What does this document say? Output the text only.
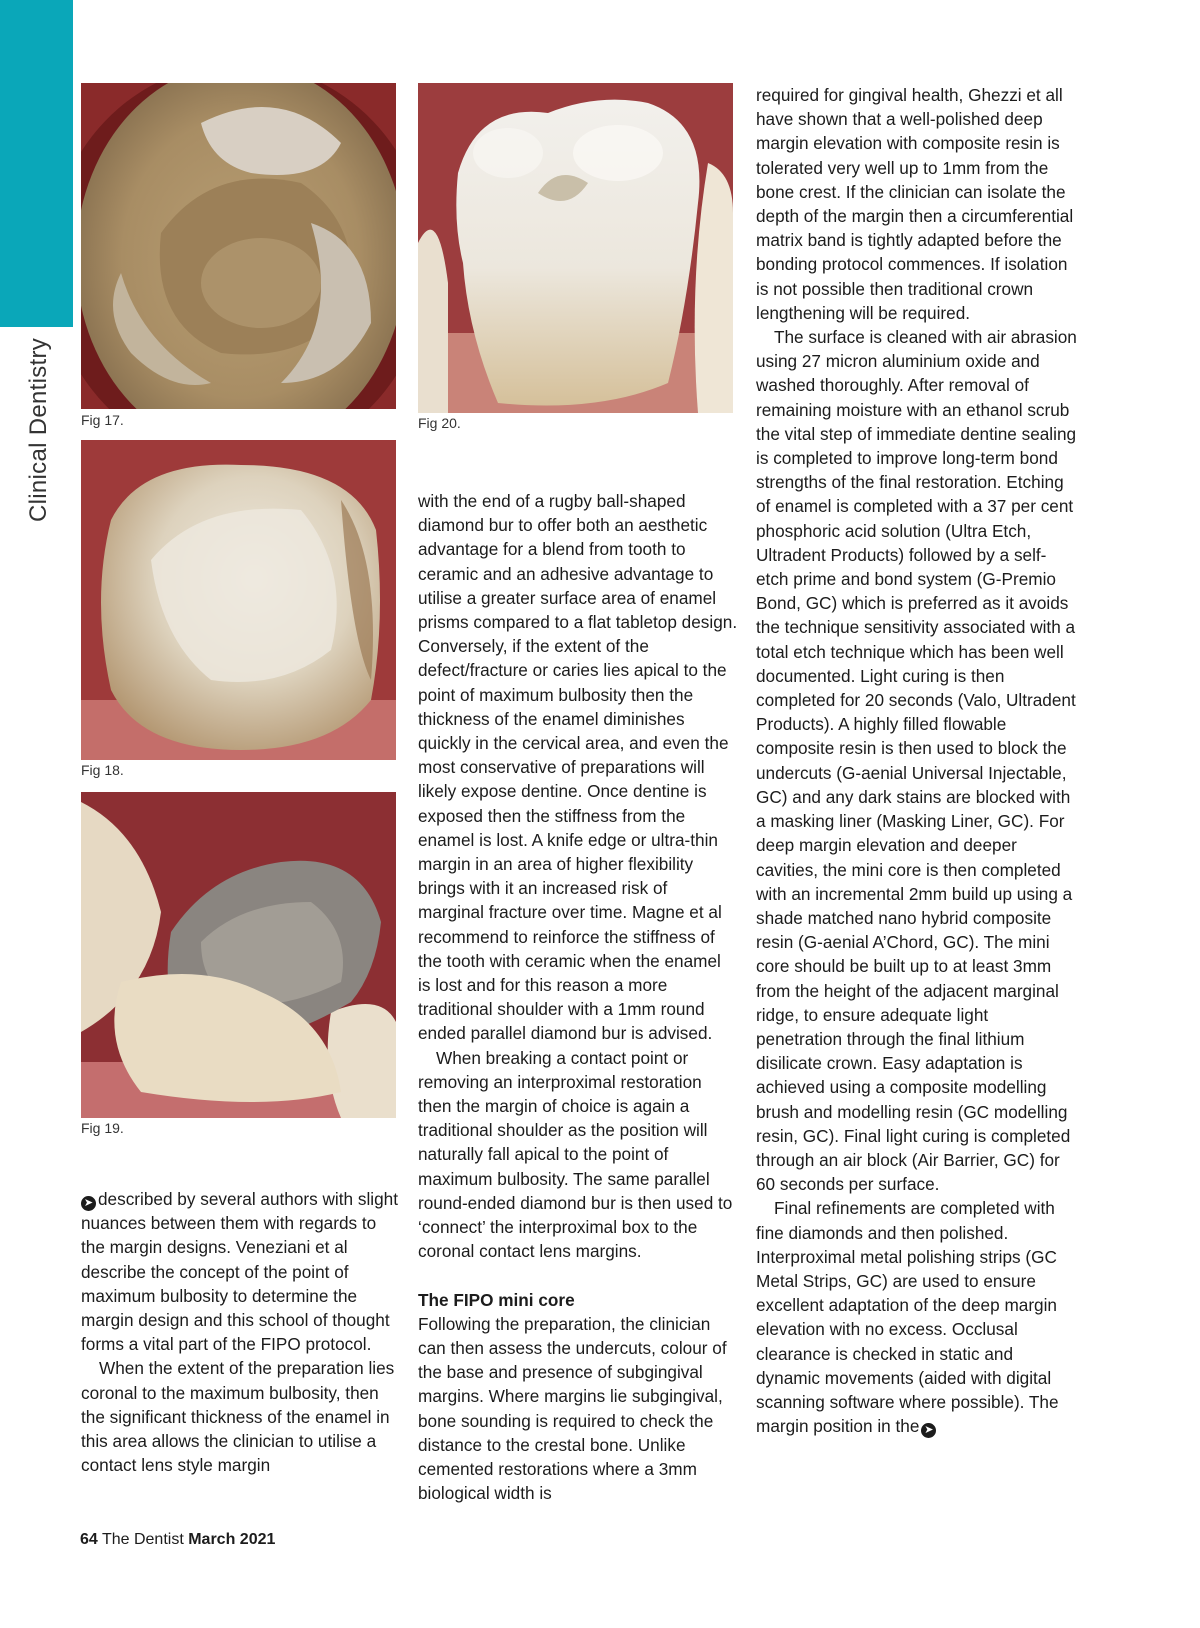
Clinical Dentistry Fig 17.
Fig 18.
Fig 19.
Fig 20.

➤ described by several authors with slight nuances between them with regards to the margin designs. Veneziani et al describe the concept of the point of maximum bulbosity to determine the margin design and this school of thought forms a vital part of the FIPO protocol.

When the extent of the preparation lies coronal to the maximum bulbosity, then the significant thickness of the enamel in this area allows the clinician to utilise a contact lens style margin

with the end of a rugby ball-shaped diamond bur to offer both an aesthetic advantage for a blend from tooth to ceramic and an adhesive advantage to utilise a greater surface area of enamel prisms compared to a flat tabletop design. Conversely, if the extent of the defect/fracture or caries lies apical to the point of maximum bulbosity then the thickness of the enamel diminishes quickly in the cervical area, and even the most conservative of preparations will likely expose dentine. Once dentine is exposed then the stiffness from the enamel is lost. A knife edge or ultra-thin margin in an area of higher flexibility brings with it an increased risk of marginal fracture over time. Magne et al recommend to reinforce the stiffness of the tooth with ceramic when the enamel is lost and for this reason a more traditional shoulder with a 1mm round ended parallel diamond bur is advised.

When breaking a contact point or removing an interproximal restoration then the margin of choice is again a traditional shoulder as the position will naturally fall apical to the point of maximum bulbosity. The same parallel round-ended diamond bur is then used to ‘connect’ the interproximal box to the coronal contact lens margins.

The FIPO mini core

Following the preparation, the clinician can then assess the undercuts, colour of the base and presence of subgingival margins. Where margins lie subgingival, bone sounding is required to check the distance to the crestal bone. Unlike cemented restorations where a 3mm biological width is

required for gingival health, Ghezzi et all have shown that a well-polished deep margin elevation with composite resin is tolerated very well up to 1mm from the bone crest. If the clinician can isolate the depth of the margin then a circumferential matrix band is tightly adapted before the bonding protocol commences. If isolation is not possible then traditional crown lengthening will be required.

The surface is cleaned with air abrasion using 27 micron aluminium oxide and washed thoroughly. After removal of remaining moisture with an ethanol scrub the vital step of immediate dentine sealing is completed to improve long-term bond strengths of the final restoration. Etching of enamel is completed with a 37 per cent phosphoric acid solution (Ultra Etch, Ultradent Products) followed by a self-etch prime and bond system (G-Premio Bond, GC) which is preferred as it avoids the technique sensitivity associated with a total etch technique which has been well documented. Light curing is then completed for 20 seconds (Valo, Ultradent Products). A highly filled flowable composite resin is then used to block the undercuts (G-aenial Universal Injectable, GC) and any dark stains are blocked with a masking liner (Masking Liner, GC). For deep margin elevation and deeper cavities, the mini core is then completed with an incremental 2mm build up using a shade matched nano hybrid composite resin (G-aenial A’Chord, GC). The mini core should be built up to at least 3mm from the height of the adjacent marginal ridge, to ensure adequate light penetration through the final lithium disilicate crown. Easy adaptation is achieved using a composite modelling brush and modelling resin (GC modelling resin, GC). Final light curing is completed through an air block (Air Barrier, GC) for 60 seconds per surface.

Final refinements are completed with fine diamonds and then polished. Interproximal metal polishing strips (GC Metal Strips, GC) are used to ensure excellent adaptation of the deep margin elevation with no excess. Occlusal clearance is checked in static and dynamic movements (aided with digital scanning software where possible). The margin position in the ➤

64 The Dentist March 2021
